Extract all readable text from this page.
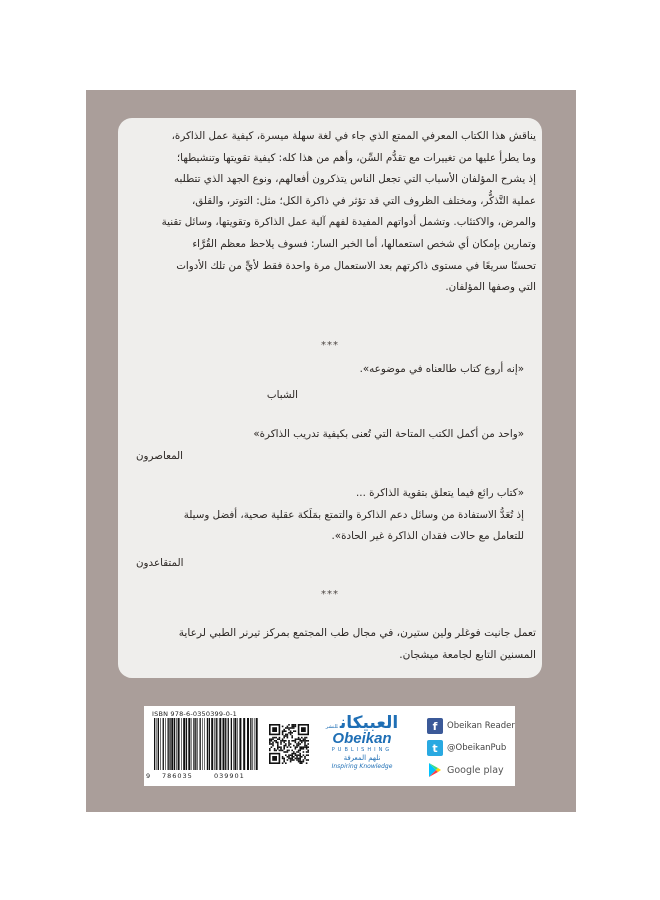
يناقش هذا الكتاب المعرفي الممتع الذي جاء في لغة سهلة ميسرة، كيفية عمل الذاكرة،
وما يطرأ عليها من تغييرات مع تقدُّم السِّن، وأهم من هذا كله: كيفية تقويتها وتنشيطها؛
إذ يشرح المؤلفان الأسباب التي تجعل الناس يتذكرون أفعالهم، ونوع الجهد الذي تتطلبه
عملية التَّذكُّر، ومختلف الظروف التي قد تؤثر في ذاكرة الكل؛ مثل: التوتر، والقلق،
والمرض، والاكتئاب. وتشمل أدواتهم المفيدة لفهم آلية عمل الذاكرة وتقويتها، وسائل تقنية
وتمارين بإمكان أي شخص استعمالها، أما الخبر السار: فسوف يلاحظ معظم القُرَّاء
تحسنًا سريعًا في مستوى ذاكرتهم بعد الاستعمال مرة واحدة فقط لأيٍّ من تلك الأدوات
التي وصفها المؤلفان.
***
«إنه أروع كتاب طالعناه في موضوعه».
الشباب
«واحد من أكمل الكتب المتاحة التي تُعنى بكيفية تدريب الذاكرة»
المعاصرون
«كتاب رائع فيما يتعلق بتقوية الذاكرة ...
إذ تُعَدُّ الاستفادة من وسائل دعم الذاكرة والتمتع بمَلَكة عقلية صحية، أفضل وسيلة
للتعامل مع حالات فقدان الذاكرة غير الحادة».
المتقاعدون
***
تعمل جانيت فوغلر ولين ستيرن، في مجال طب المجتمع بمركز تيرنر الطبي لرعاية
المسنين التابع لجامعة ميشجان.
ISBN 978-6-0350399-0-1
9 786035	039901
العبيكانللنشر
Obeikan
PUBLISHING
نلهم المعرفة
Inspiring Knowledge
f	Obeikan Reader
t	@ObeikanPub
Google play
